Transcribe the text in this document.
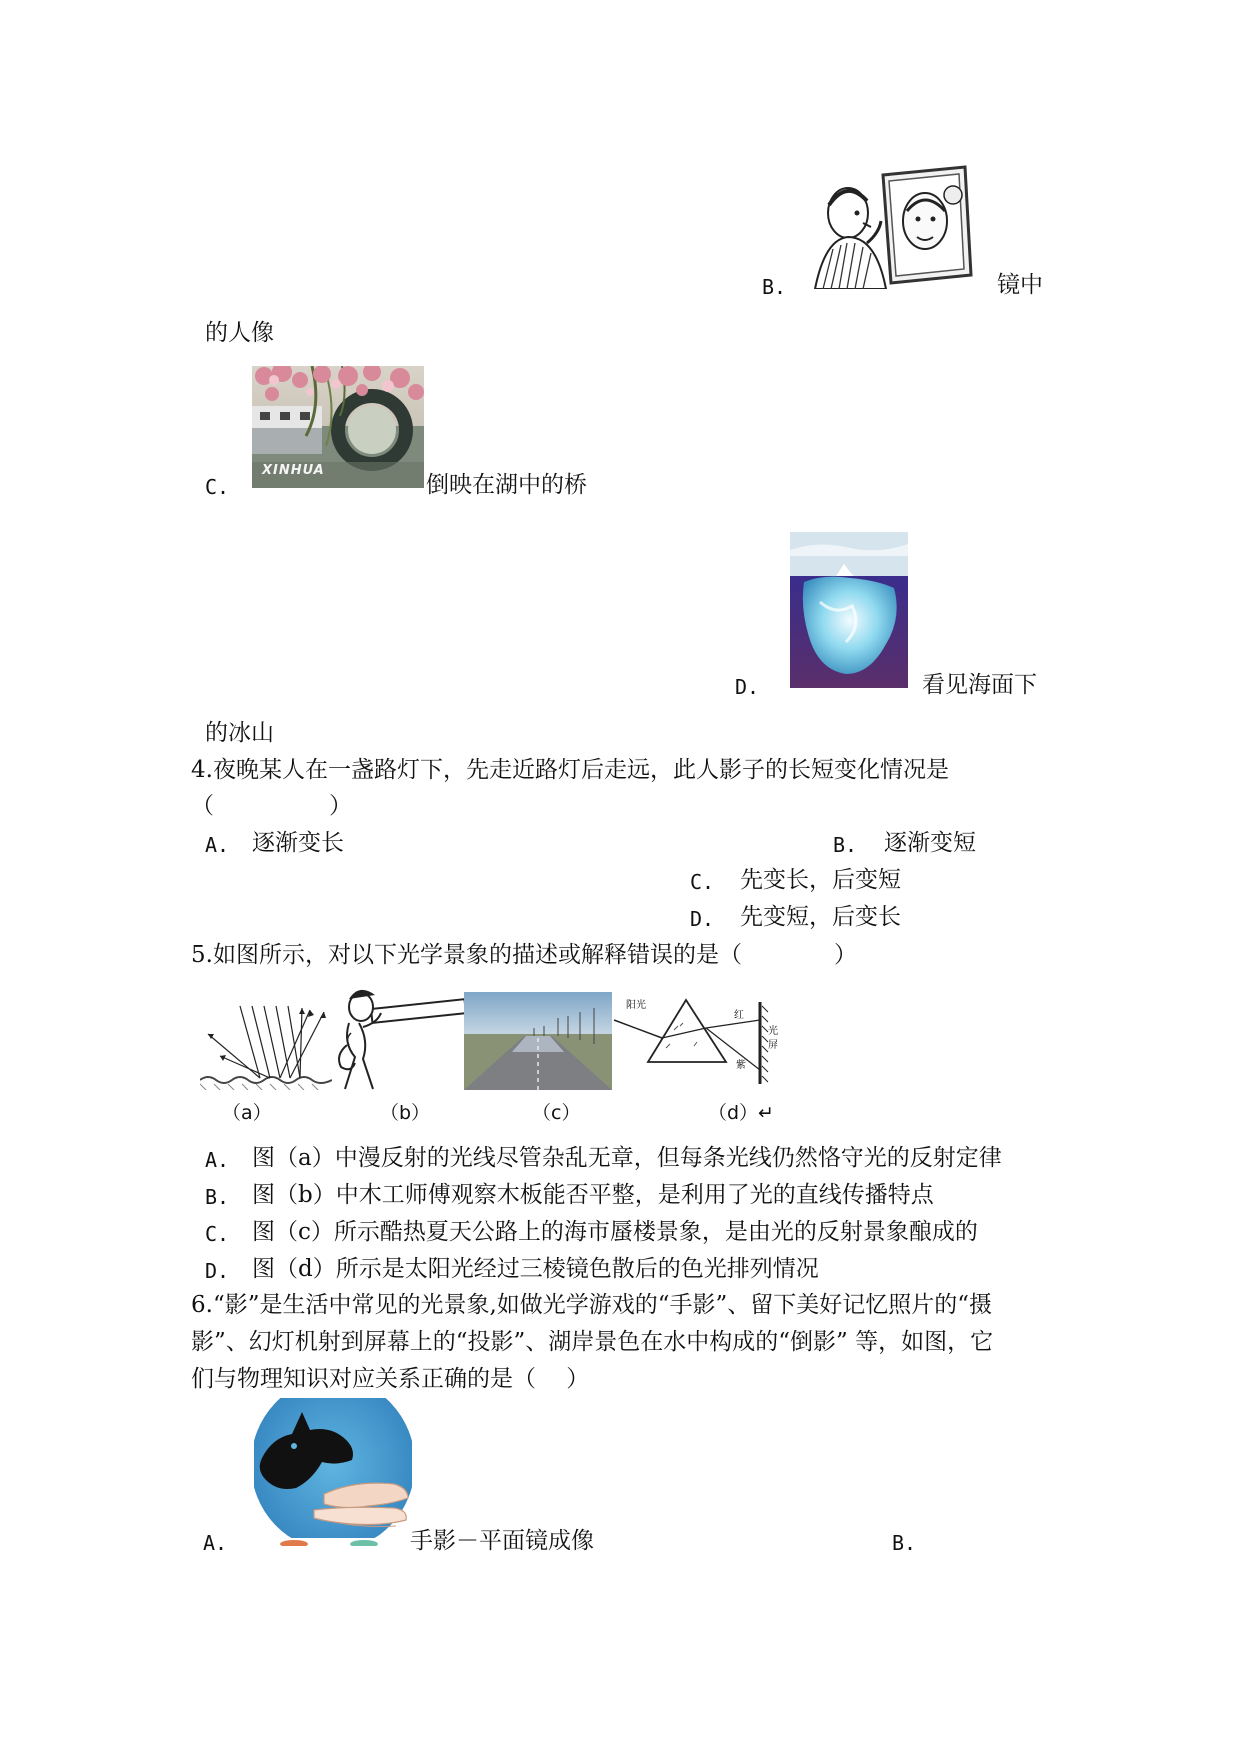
B.	镜中
的人像
XINHUA
C.	倒映在湖中的桥
D.	看见海面下
的冰山
4.夜晚某人在一盏路灯下，先走近路灯后走远，此人影子的长短变化情况是
（　　　　　）
A. 逐渐变长	B. 逐渐变短
C. 先变长，后变短
D. 先变短，后变长
5.如图所示，对以下光学景象的描述或解释错误的是（　　　　）
（a）	（b）	（c）
阳光
红
紫
光
屏
（d）↵
A. 图（a）中漫反射的光线尽管杂乱无章，但每条光线仍然恪守光的反射定律
B. 图（b）中木工师傅观察木板能否平整，是利用了光的直线传播特点
C. 图（c）所示酷热夏天公路上的海市蜃楼景象，是由光的反射景象酿成的
D. 图（d）所示是太阳光经过三棱镜色散后的色光排列情况
6.“影”是生活中常见的光景象,如做光学游戏的“手影”、留下美好记忆照片的“摄
影”、幻灯机射到屏幕上的“投影”、湖岸景色在水中构成的“倒影” 等，如图，它
们与物理知识对应关系正确的是（　 ）
A.	手影－平面镜成像	B.
